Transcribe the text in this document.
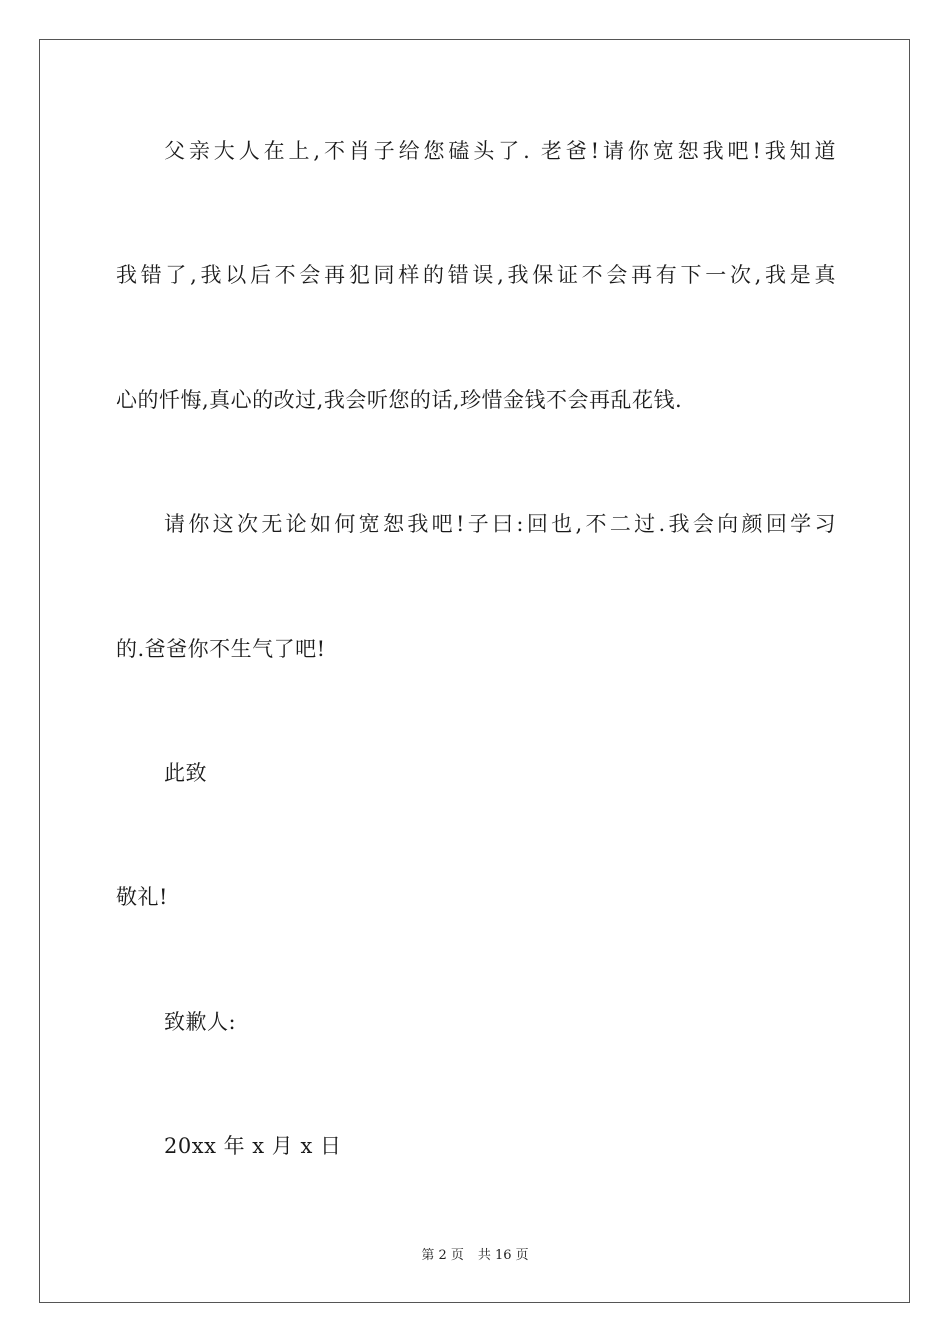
父亲大人在上,不肖子给您磕头了. 老爸!请你宽恕我吧!我知道
我错了,我以后不会再犯同样的错误,我保证不会再有下一次,我是真
心的忏悔,真心的改过,我会听您的话,珍惜金钱不会再乱花钱.
请你这次无论如何宽恕我吧!子曰:回也,不二过.我会向颜回学习
的.爸爸你不生气了吧!
此致
敬礼!
致歉人:
20xx 年 x 月 x 日
第 2 页 共 16 页
